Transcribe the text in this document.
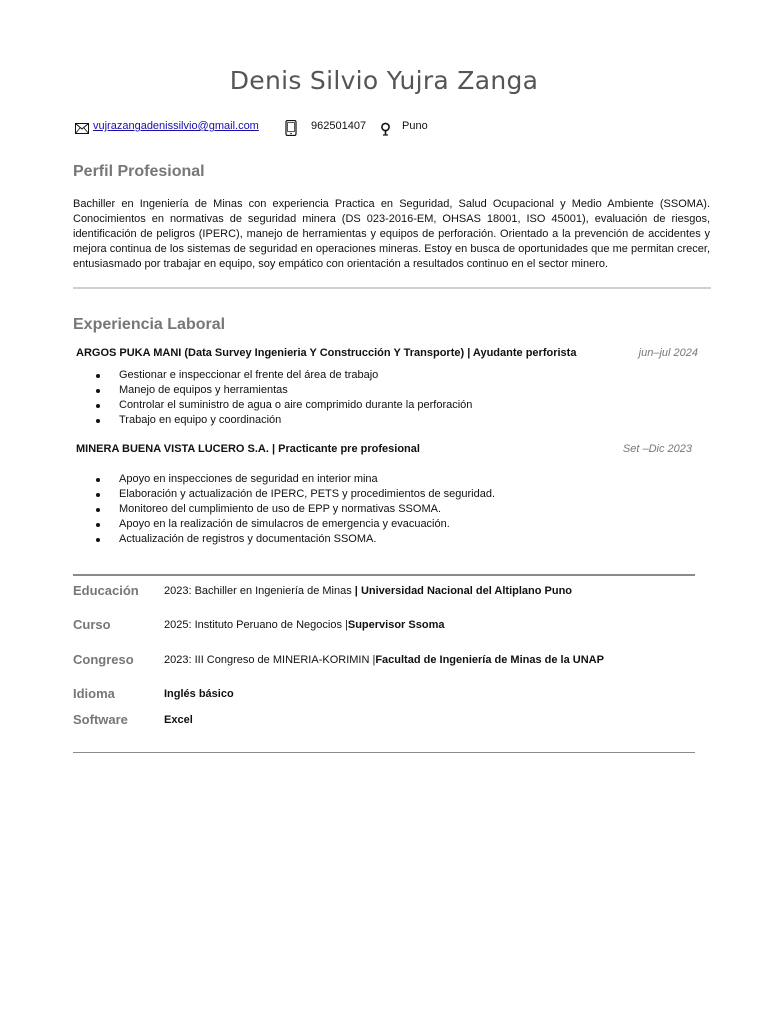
Denis Silvio Yujra Zanga
vujrazangadenissilvio@gmail.com	962501407	Puno
Perfil Profesional
Bachiller en Ingeniería de Minas con experiencia Practica en Seguridad, Salud Ocupacional y Medio Ambiente (SSOMA). Conocimientos en normativas de seguridad minera (DS 023-2016-EM, OHSAS 18001, ISO 45001), evaluación de riesgos, identificación de peligros (IPERC), manejo de herramientas y equipos de perforación. Orientado a la prevención de accidentes y mejora continua de los sistemas de seguridad en operaciones mineras. Estoy en busca de oportunidades que me permitan crecer, entusiasmado por trabajar en equipo, soy empático con orientación a resultados continuo en el sector minero.
Experiencia Laboral
ARGOS PUKA MANI (Data Survey Ingenieria Y Construcción Y Transporte) | Ayudante perforista	jun–jul 2024
Gestionar e inspeccionar el frente del área de trabajo
Manejo de equipos y herramientas
Controlar el suministro de agua o aire comprimido durante la perforación
Trabajo en equipo y coordinación
MINERA BUENA VISTA LUCERO S.A. | Practicante pre profesional	Set –Dic 2023
Apoyo en inspecciones de seguridad en interior mina
Elaboración y actualización de IPERC, PETS y procedimientos de seguridad.
Monitoreo del cumplimiento de uso de EPP y normativas SSOMA.
Apoyo en la realización de simulacros de emergencia y evacuación.
Actualización de registros y documentación SSOMA.
Educación 2023: Bachiller en Ingeniería de Minas | Universidad Nacional del Altiplano Puno
Curso	2025: Instituto Peruano de Negocios |Supervisor Ssoma
Congreso	2023: III Congreso de MINERIA-KORIMIN |Facultad de Ingeniería de Minas de la UNAP
Idioma	Inglés básico
Software	Excel
